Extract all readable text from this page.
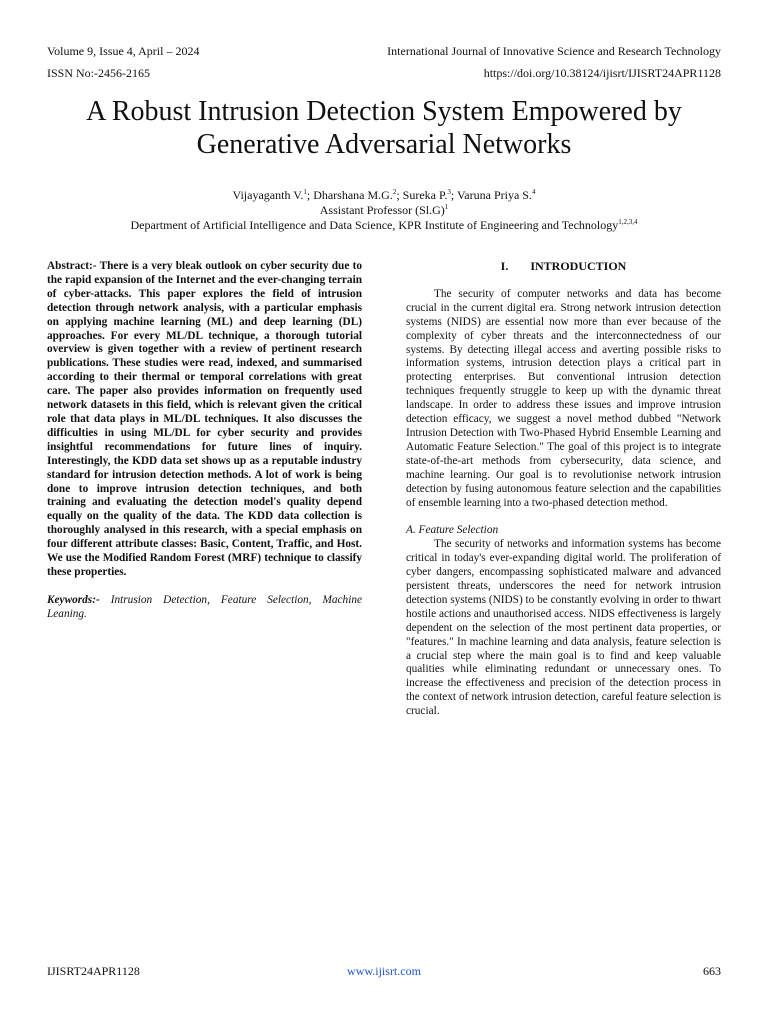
Volume 9, Issue 4, April – 2024	International Journal of Innovative Science and Research Technology
ISSN No:-2456-2165	https://doi.org/10.38124/ijisrt/IJISRT24APR1128
A Robust Intrusion Detection System Empowered by
Generative Adversarial Networks
Vijayaganth V.$^1$; Dharshana M.G.$^2$; Sureka P.$^3$; Varuna Priya S.$^4$
Assistant Professor $(Sl.G)^1$
Department of Artificial Intelligence and Data Science, KPR Institute of Engineering and Technology$^{1,2,3,4}$

Abstract:- There is a very bleak outlook on cyber security due to the rapid expansion of the Internet and the ever-changing terrain of cyber-attacks. This paper explores the field of intrusion detection through network analysis, with a particular emphasis on applying machine learning (ML) and deep learning (DL) approaches. For every ML/DL technique, a thorough tutorial overview is given together with a review of pertinent research publications. These studies were read, indexed, and summarised according to their thermal or temporal correlations with great care. The paper also provides information on frequently used network datasets in this field, which is relevant given the critical role that data plays in ML/DL techniques. It also discusses the difficulties in using ML/DL for cyber security and provides insightful recommendations for future lines of inquiry. Interestingly, the KDD data set shows up as a reputable industry standard for intrusion detection methods. A lot of work is being done to improve intrusion detection techniques, and both training and evaluating the detection model's quality depend equally on the quality of the data. The KDD data collection is thoroughly analysed in this research, with a special emphasis on four different attribute classes: Basic, Content, Traffic, and Host. We use the Modified Random Forest (MRF) technique to classify these properties.

Keywords:- Intrusion Detection, Feature Selection, Machine Leaning.

I. INTRODUCTION

The security of computer networks and data has become crucial in the current digital era. Strong network intrusion detection systems (NIDS) are essential now more than ever because of the complexity of cyber threats and the interconnectedness of our systems. By detecting illegal access and averting possible risks to information systems, intrusion detection plays a critical part in protecting enterprises. But conventional intrusion detection techniques frequently struggle to keep up with the dynamic threat landscape. In order to address these issues and improve intrusion detection efficacy, we suggest a novel method dubbed "Network Intrusion Detection with Two-Phased Hybrid Ensemble Learning and Automatic Feature Selection." The goal of this project is to integrate state-of-the-art methods from cybersecurity, data science, and machine learning. Our goal is to revolutionise network intrusion detection by fusing autonomous feature selection and the capabilities of ensemble learning into a two-phased detection method.

A. Feature Selection

The security of networks and information systems has become critical in today's ever-expanding digital world. The proliferation of cyber dangers, encompassing sophisticated malware and advanced persistent threats, underscores the need for network intrusion detection systems (NIDS) to be constantly evolving in order to thwart hostile actions and unauthorised access. NIDS effectiveness is largely dependent on the selection of the most pertinent data properties, or "features." In machine learning and data analysis, feature selection is a crucial step where the main goal is to find and keep valuable qualities while eliminating redundant or unnecessary ones. To increase the effectiveness and precision of the detection process in the context of network intrusion detection, careful feature selection is crucial.

IJISRT24APR1128	www.ijisrt.com	663
